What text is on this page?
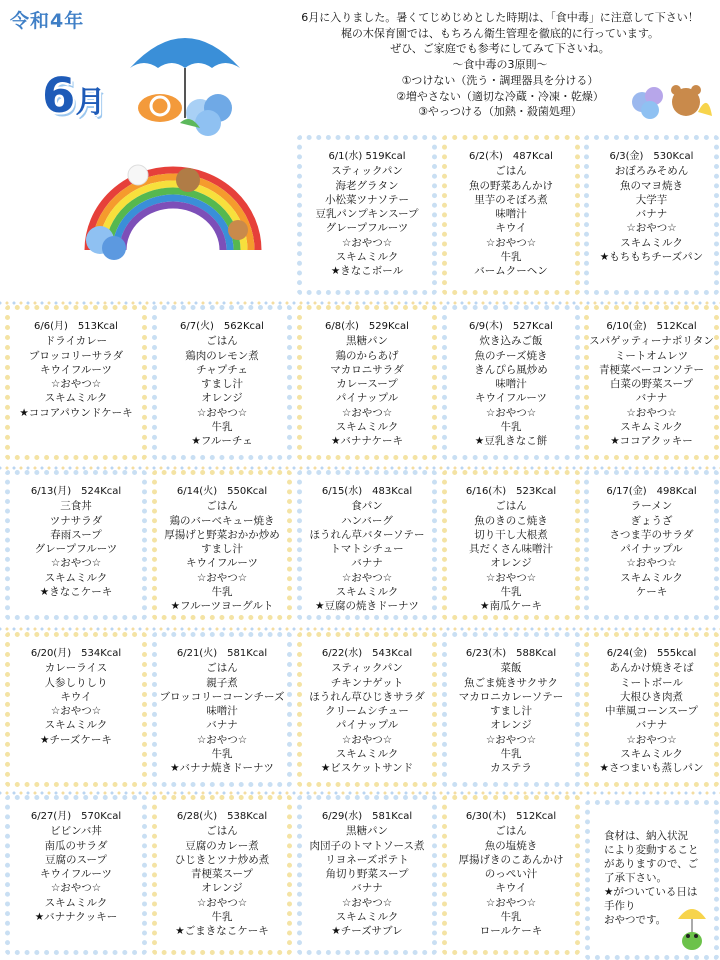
令和4年
6月
6月に入りました。暑くてじめじめとした時期は、「食中毒」に注意して下さい！
梶の木保育園では、もちろん衛生管理を徹底的に行っています。
ぜひ、ご家庭でも参考にしてみて下さいね。
～食中毒の3原則～
①つけない（洗う・調理器具を分ける）
②増やさない（適切な冷蔵・冷凍・乾燥）
③やっつける（加熱・殺菌処理）
6/1(水) 519Kcal
スティックパン
海老グラタン
小松菜ツナソテー
豆乳パンプキンスープ
グレープフルーツ
☆おやつ☆
スキムミルク
★きなこボール
6/2(木)　487Kcal
ごはん
魚の野菜あんかけ
里芋のそぼろ煮
味噌汁
キウイ
☆おやつ☆
牛乳
バームクーヘン
6/3(金)　530Kcal
おぼろみそめん
魚のマヨ焼き
大学芋
バナナ
☆おやつ☆
スキムミルク
★もちもちチーズパン
6/6(月)　513Kcal
ドライカレー
ブロッコリーサラダ
キウイフルーツ
☆おやつ☆
スキムミルク
★ココアパウンドケーキ
6/7(火)　562Kcal
ごはん
鶏肉のレモン煮
チャプチェ
すまし汁
オレンジ
☆おやつ☆
牛乳
★フルーチェ
6/8(水)　529Kcal
黒糖パン
鶏のからあげ
マカロニサラダ
カレースープ
パイナップル
☆おやつ☆
スキムミルク
★バナナケーキ
6/9(木)　527Kcal
炊き込みご飯
魚のチーズ焼き
きんぴら風炒め
味噌汁
キウイフルーツ
☆おやつ☆
牛乳
★豆乳きなこ餅
6/10(金)　512Kcal
スパゲッティーナポリタン
ミートオムレツ
青梗菜ベーコンソテー
白菜の野菜スープ
バナナ
☆おやつ☆
スキムミルク
★ココアクッキー
6/13(月)　524Kcal
三食丼
ツナサラダ
春雨スープ
グレープフルーツ
☆おやつ☆
スキムミルク
★きなこケーキ
6/14(火)　550Kcal
ごはん
鶏のバーベキュー焼き
厚揚げと野菜おかか炒め
すまし汁
キウイフルーツ
☆おやつ☆
牛乳
★フルーツヨーグルト
6/15(水)　483Kcal
食パン
ハンバーグ
ほうれん草バターソテー
トマトシチュー
バナナ
☆おやつ☆
スキムミルク
★豆腐の焼きドーナツ
6/16(木)　523Kcal
ごはん
魚のきのこ焼き
切り干し大根煮
具だくさん味噌汁
オレンジ
☆おやつ☆
牛乳
★南瓜ケーキ
6/17(金)　498Kcal
ラーメン
ぎょうざ
さつま芋のサラダ
パイナップル
☆おやつ☆
スキムミルク
ケーキ
6/20(月)　534Kcal
カレーライス
人参しりしり
キウイ
☆おやつ☆
スキムミルク
★チーズケーキ
6/21(火)　581Kcal
ごはん
親子煮
ブロッコリーコーンチーズ
味噌汁
バナナ
☆おやつ☆
牛乳
★バナナ焼きドーナツ
6/22(水)　543Kcal
スティックパン
チキンナゲット
ほうれん草ひじきサラダ
クリームシチュー
パイナップル
☆おやつ☆
スキムミルク
★ビスケットサンド
6/23(木)　588Kcal
菜飯
魚ごま焼きサクサク
マカロニカレーソテー
すまし汁
オレンジ
☆おやつ☆
牛乳
カステラ
6/24(金)　555kcal
あんかけ焼きそば
ミートボール
大根ひき肉煮
中華風コーンスープ
バナナ
☆おやつ☆
スキムミルク
★さつまいも蒸しパン
6/27(月)　570Kcal
ビビンバ丼
南瓜のサラダ
豆腐のスープ
キウイフルーツ
☆おやつ☆
スキムミルク
★バナナクッキー
6/28(火)　538Kcal
ごはん
豆腐のカレー煮
ひじきとツナ炒め煮
青梗菜スープ
オレンジ
☆おやつ☆
牛乳
★ごまきなこケーキ
6/29(水)　581Kcal
黒糖パン
肉団子のトマトソース煮
リヨネーズポテト
角切り野菜スープ
バナナ
☆おやつ☆
スキムミルク
★チーズサブレ
6/30(木)　512Kcal
ごはん
魚の塩焼き
厚揚げきのこあんかけ
のっぺい汁
キウイ
☆おやつ☆
牛乳
ロールケーキ
食材は、納入状況
により変動すること
がありますので、ご
了承下さい。
★がついている日は
手作り
おやつです。
